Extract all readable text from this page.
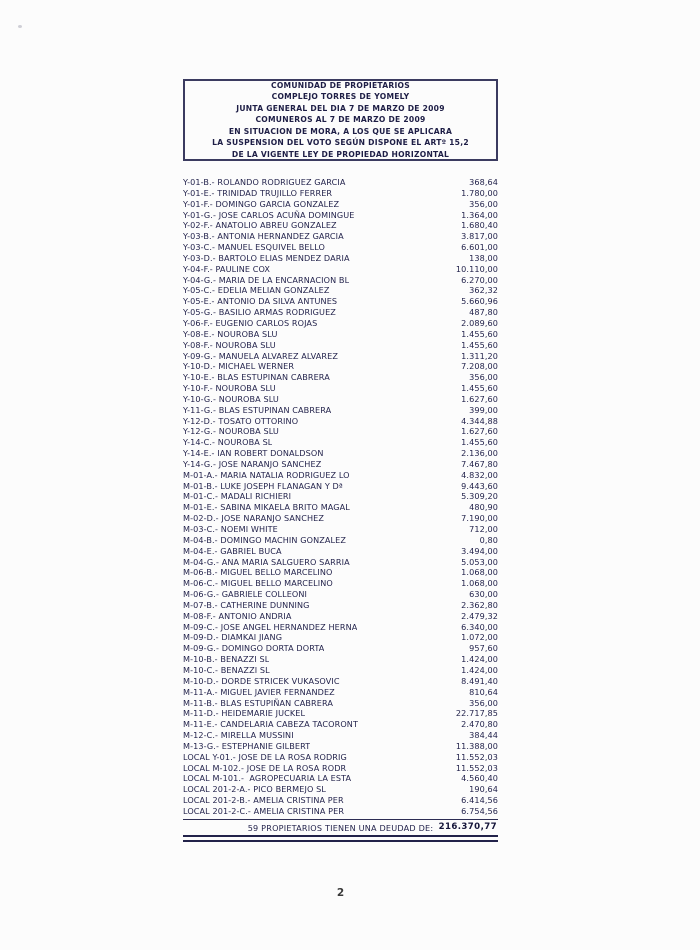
COMUNIDAD DE PROPIETARIOS
COMPLEJO TORRES DE YOMELY
JUNTA GENERAL DEL DIA 7 DE MARZO DE 2009
COMUNEROS AL 7 DE MARZO DE 2009
EN SITUACION DE MORA, A LOS QUE SE APLICARA
LA SUSPENSION DEL VOTO SEGÚN DISPONE EL ARTº 15,2
DE LA VIGENTE LEY DE PROPIEDAD HORIZONTAL
Y-01-B.- ROLANDO RODRIGUEZ GARCIA	368,64
Y-01-E.- TRINIDAD TRUJILLO FERRER	1.780,00
Y-01-F.- DOMINGO GARCIA GONZALEZ	356,00
Y-01-G.- JOSE CARLOS ACUÑA DOMINGUE	1.364,00
Y-02-F.- ANATOLIO ABREU GONZALEZ	1.680,40
Y-03-B.- ANTONIA HERNANDEZ GARCIA	3.817,00
Y-03-C.- MANUEL ESQUIVEL BELLO	6.601,00
Y-03-D.- BARTOLO ELIAS MENDEZ DARIA	138,00
Y-04-F.- PAULINE COX	10.110,00
Y-04-G.- MARIA DE LA ENCARNACION BL	6.270,00
Y-05-C.- EDELIA MELIAN GONZALEZ	362,32
Y-05-E.- ANTONIO DA SILVA ANTUNES	5.660,96
Y-05-G.- BASILIO ARMAS RODRIGUEZ	487,80
Y-06-F.- EUGENIO CARLOS ROJAS	2.089,60
Y-08-E.- NOUROBA SLU	1.455,60
Y-08-F.- NOUROBA SLU	1.455,60
Y-09-G.- MANUELA ALVAREZ ALVAREZ	1.311,20
Y-10-D.- MICHAEL WERNER	7.208,00
Y-10-E.- BLAS ESTUPINAN CABRERA	356,00
Y-10-F.- NOUROBA SLU	1.455,60
Y-10-G.- NOUROBA SLU	1.627,60
Y-11-G.- BLAS ESTUPINAN CABRERA	399,00
Y-12-D.- TOSATO OTTORINO	4.344,88
Y-12-G.- NOUROBA SLU	1.627,60
Y-14-C.- NOUROBA SL	1.455,60
Y-14-E.- IAN ROBERT DONALDSON	2.136,00
Y-14-G.- JOSE NARANJO SANCHEZ	7.467,80
M-01-A.- MARIA NATALIA RODRIGUEZ LO	4.832,00
M-01-B.- LUKE JOSEPH FLANAGAN Y Dª	9.443,60
M-01-C.- MADALI RICHIERI	5.309,20
M-01-E.- SABINA MIKAELA BRITO MAGAL	480,90
M-02-D.- JOSE NARANJO SANCHEZ	7.190,00
M-03-C.- NOEMI WHITE	712,00
M-04-B.- DOMINGO MACHIN GONZALEZ	0,80
M-04-E.- GABRIEL BUCA	3.494,00
M-04-G.- ANA MARIA SALGUERO SARRIA	5.053,00
M-06-B.- MIGUEL BELLO MARCELINO	1.068,00
M-06-C.- MIGUEL BELLO MARCELINO	1.068,00
M-06-G.- GABRIELE COLLEONI	630,00
M-07-B.- CATHERINE DUNNING	2.362,80
M-08-F.- ANTONIO ANDRIA	2.479,32
M-09-C.- JOSE ANGEL HERNANDEZ HERNA	6.340,00
M-09-D.- DIAMKAI JIANG	1.072,00
M-09-G.- DOMINGO DORTA DORTA	957,60
M-10-B.- BENAZZI SL	1.424,00
M-10-C.- BENAZZI SL	1.424,00
M-10-D.- DORDE STRICEK VUKASOVIC	8.491,40
M-11-A.- MIGUEL JAVIER FERNANDEZ	810,64
M-11-B.- BLAS ESTUPIÑAN CABRERA	356,00
M-11-D.- HEIDEMARIE JUCKEL	22.717,85
M-11-E.- CANDELARIA CABEZA TACORONT	2.470,80
M-12-C.- MIRELLA MUSSINI	384,44
M-13-G.- ESTEPHANIE GILBERT	11.388,00
LOCAL Y-01.- JOSE DE LA ROSA RODRIG	11.552,03
LOCAL M-102.- JOSE DE LA ROSA RODR	11.552,03
LOCAL M-101.-  AGROPECUARIA LA ESTA	4.560,40
LOCAL 201-2-A.- PICO BERMEJO SL	190,64
LOCAL 201-2-B.- AMELIA CRISTINA PER	6.414,56
LOCAL 201-2-C.- AMELIA CRISTINA PER	6.754,56
59 PROPIETARIOS TIENEN UNA DEUDAD DE: 216.370,77
2
